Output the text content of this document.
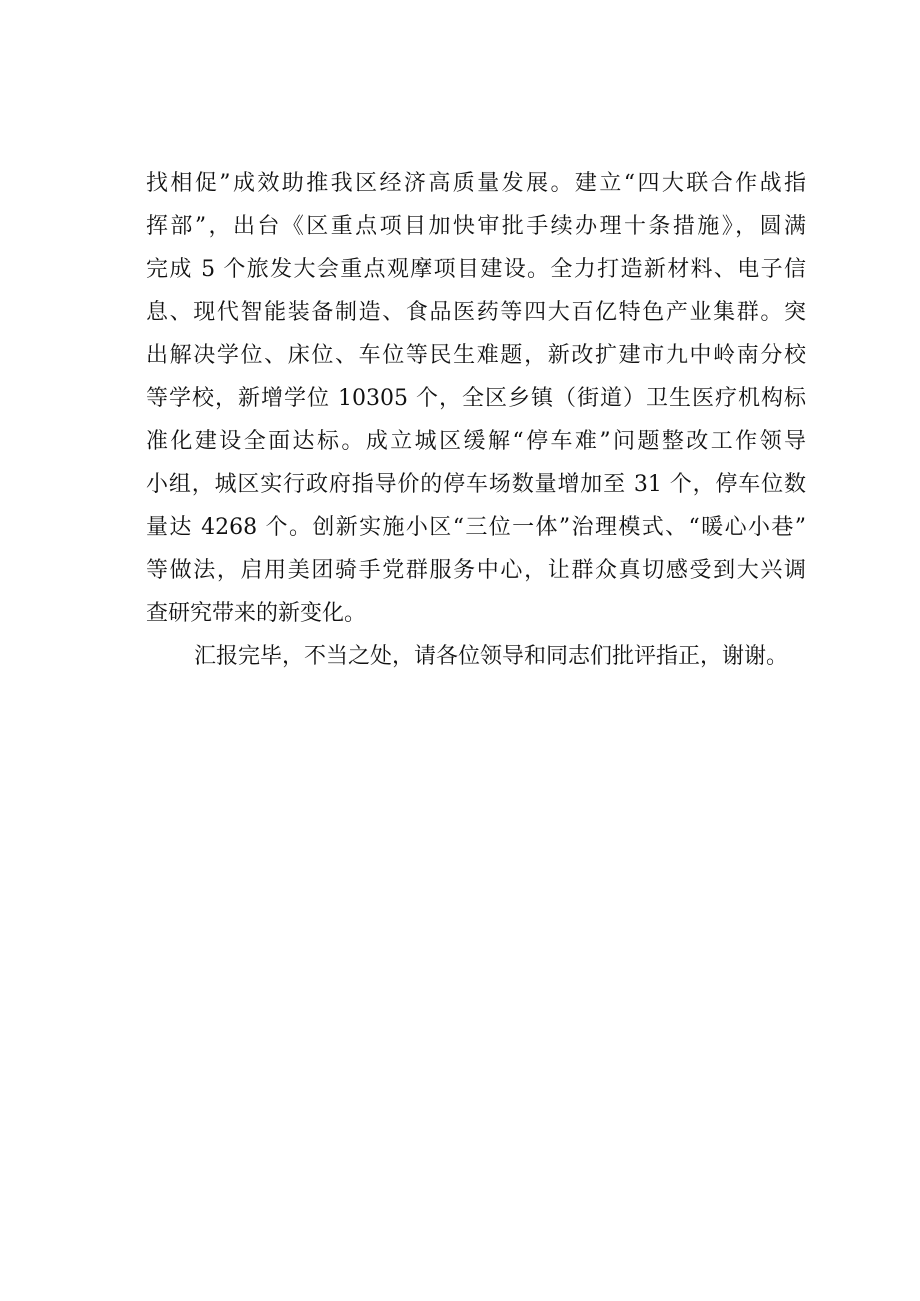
找相促”成效助推我区经济高质量发展。建立“四大联合作战指
挥部”，出台《区重点项目加快审批手续办理十条措施》，圆满
完成 5 个旅发大会重点观摩项目建设。全力打造新材料、电子信
息、现代智能装备制造、食品医药等四大百亿特色产业集群。突
出解决学位、床位、车位等民生难题，新改扩建市九中岭南分校
等学校，新增学位 10305 个，全区乡镇（街道）卫生医疗机构标
准化建设全面达标。成立城区缓解“停车难”问题整改工作领导
小组，城区实行政府指导价的停车场数量增加至 31 个，停车位数
量达 4268 个。创新实施小区“三位一体”治理模式、“暖心小巷”
等做法，启用美团骑手党群服务中心，让群众真切感受到大兴调
查研究带来的新变化。
汇报完毕，不当之处，请各位领导和同志们批评指正，谢谢。
